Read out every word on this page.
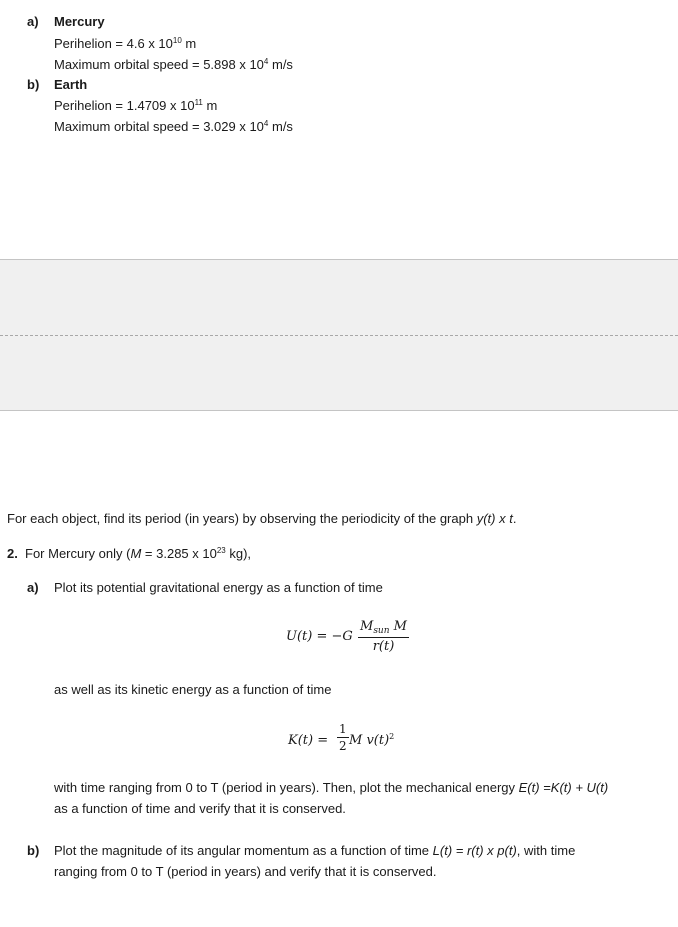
a) Mercury
Perihelion = 4.6 x $10^{10}$ m
Maximum orbital speed = 5.898 x $10^4$ m/s
b) Earth
Perihelion = 1.4709 x $10^{11}$ m
Maximum orbital speed = 3.029 x $10^4$ m/s
For each object, find its period (in years) by observing the periodicity of the graph y(t) x t.
2. For Mercury only (M = 3.285 x $10^{23}$ kg),
a) Plot its potential gravitational energy as a function of time
U(t) = −G
$M_{sun}$ M
r(t)
as well as its kinetic energy as a function of time
$K(t) = \frac{1}{2}$ M $v(t)^2$
with time ranging from 0 to T (period in years). Then, plot the mechanical energy E(t) =K(t) + U(t)
as a function of time and verify that it is conserved.
b) Plot the magnitude of its angular momentum as a function of time L(t) = r(t) x p(t), with time
ranging from 0 to T (period in years) and verify that it is conserved.
